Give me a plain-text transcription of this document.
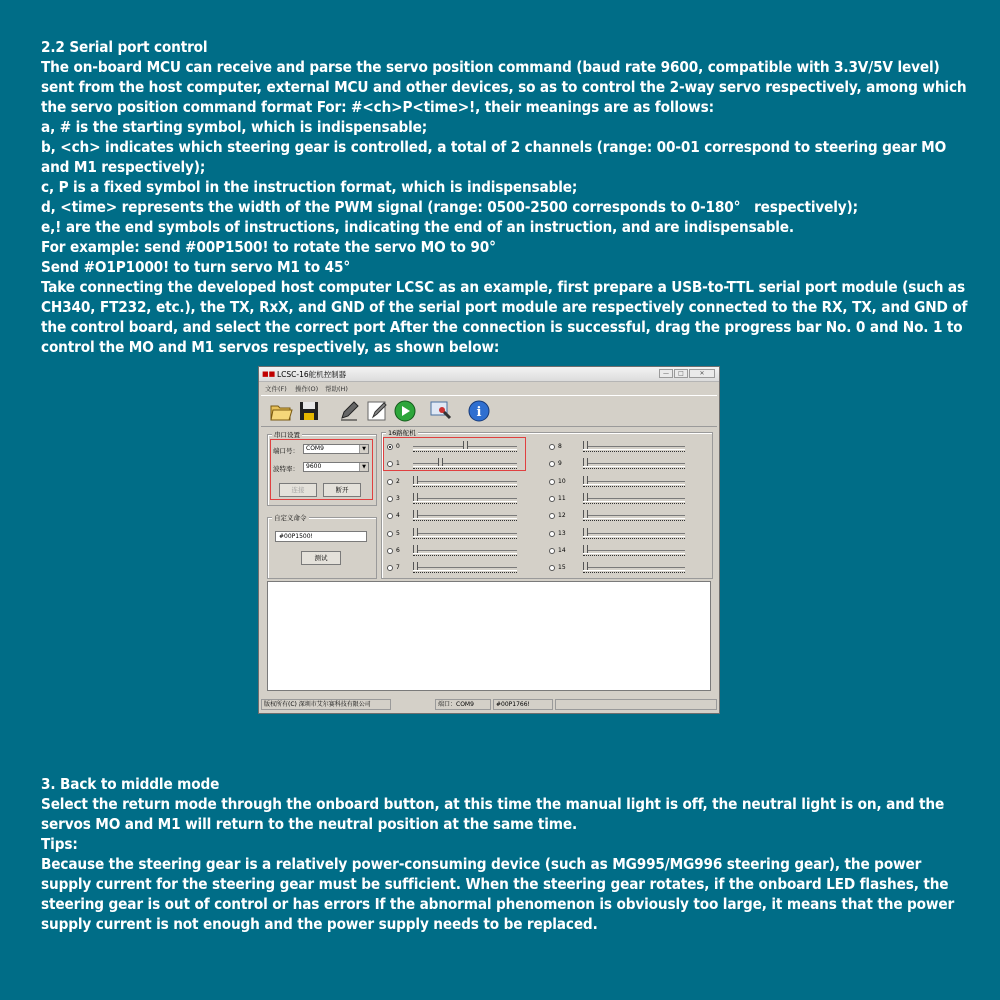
2.2 Serial port control
The on-board MCU can receive and parse the servo position command (baud rate 9600, compatible with 3.3V/5V level)
sent from the host computer, external MCU and other devices, so as to control the 2-way servo respectively, among which
the servo position command format For: #<ch>P<time>!, their meanings are as follows:
a, # is the starting symbol, which is indispensable;
b, <ch> indicates which steering gear is controlled, a total of 2 channels (range: 00-01 correspond to steering gear MO
and M1 respectively);
c, P is a fixed symbol in the instruction format, which is indispensable;
d, <time> represents the width of the PWM signal (range: 0500-2500 corresponds to 0-180°   respectively);
e,! are the end symbols of instructions, indicating the end of an instruction, and are indispensable.
For example: send #00P1500! to rotate the servo MO to 90°
Send #O1P1000! to turn servo M1 to 45°
Take connecting the developed host computer LCSC as an example, first prepare a USB-to-TTL serial port module (such as
CH340, FT232, etc.), the TX, RxX, and GND of the serial port module are respectively connected to the RX, TX, and GND of
the control board, and select the correct port After the connection is successful, drag the progress bar No. 0 and No. 1 to
control the MO and M1 servos respectively, as shown below:
■■ LCSC-16舵机控制器	—	□	✕
文件(F) 操作(O) 帮助(H)
i
串口设置
端口号：	COM9	▼
波特率：	9600	▼
连接	断开
自定义命令
#00P1500!
测试
16路舵机
0
1
2
3
4
5
6
7
8
9
10
11
12
13
14
15
版权所有(C) 深圳市艾尔赛科技有限公司	端口：COM9	#00P1766!
3. Back to middle mode
Select the return mode through the onboard button, at this time the manual light is off, the neutral light is on, and the
servos MO and M1 will return to the neutral position at the same time.
Tips:
Because the steering gear is a relatively power-consuming device (such as MG995/MG996 steering gear), the power
supply current for the steering gear must be sufficient. When the steering gear rotates, if the onboard LED flashes, the
steering gear is out of control or has errors If the abnormal phenomenon is obviously too large, it means that the power
supply current is not enough and the power supply needs to be replaced.
